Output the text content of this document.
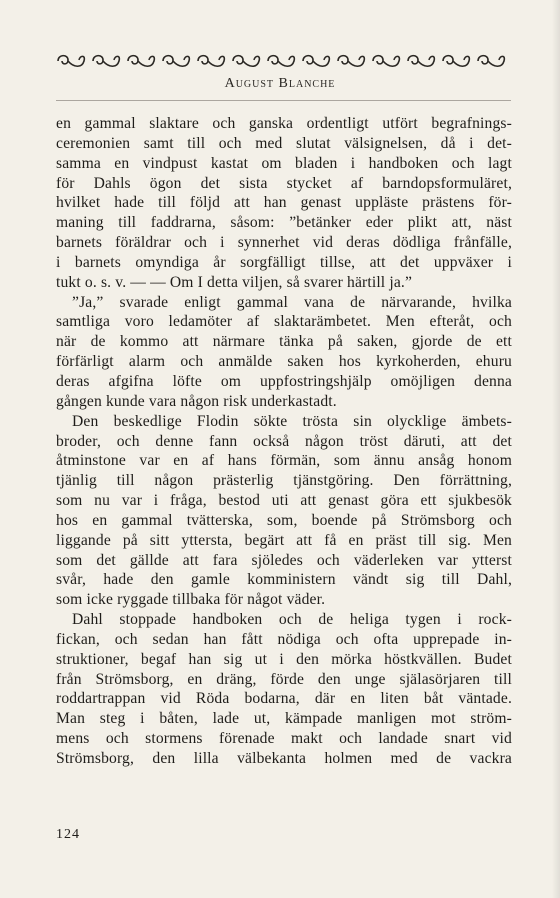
August Blanche
en gammal slaktare och ganska ordentligt utfört begrafnings-
ceremonien samt till och med slutat välsignelsen, då i det-
samma en vindpust kastat om bladen i handboken och lagt
för Dahls ögon det sista stycket af barndopsformuläret,
hvilket hade till följd att han genast uppläste prästens för-
maning till faddrarna, såsom: ”betänker eder plikt att, näst
barnets föräldrar och i synnerhet vid deras dödliga frånfälle,
i barnets omyndiga år sorgfälligt tillse, att det uppväxer i
tukt o. s. v. — — Om I detta viljen, så svarer härtill ja.”
”Ja,” svarade enligt gammal vana de närvarande, hvilka
samtliga voro ledamöter af slaktarämbetet. Men efteråt, och
när de kommo att närmare tänka på saken, gjorde de ett
förfärligt alarm och anmälde saken hos kyrkoherden, ehuru
deras afgifna löfte om uppfostringshjälp omöjligen denna
gången kunde vara någon risk underkastadt.
Den beskedlige Flodin sökte trösta sin olycklige ämbets-
broder, och denne fann också någon tröst däruti, att det
åtminstone var en af hans förmän, som ännu ansåg honom
tjänlig till någon prästerlig tjänstgöring. Den förrättning,
som nu var i fråga, bestod uti att genast göra ett sjukbesök
hos en gammal tvätterska, som, boende på Strömsborg och
liggande på sitt yttersta, begärt att få en präst till sig. Men
som det gällde att fara sjöledes och väderleken var ytterst
svår, hade den gamle komministern vändt sig till Dahl,
som icke ryggade tillbaka för något väder.
Dahl stoppade handboken och de heliga tygen i rock-
fickan, och sedan han fått nödiga och ofta upprepade in-
struktioner, begaf han sig ut i den mörka höstkvällen. Budet
från Strömsborg, en dräng, förde den unge själasörjaren till
roddartrappan vid Röda bodarna, där en liten båt väntade.
Man steg i båten, lade ut, kämpade manligen mot ström-
mens och stormens förenade makt och landade snart vid
Strömsborg, den lilla välbekanta holmen med de vackra
124
